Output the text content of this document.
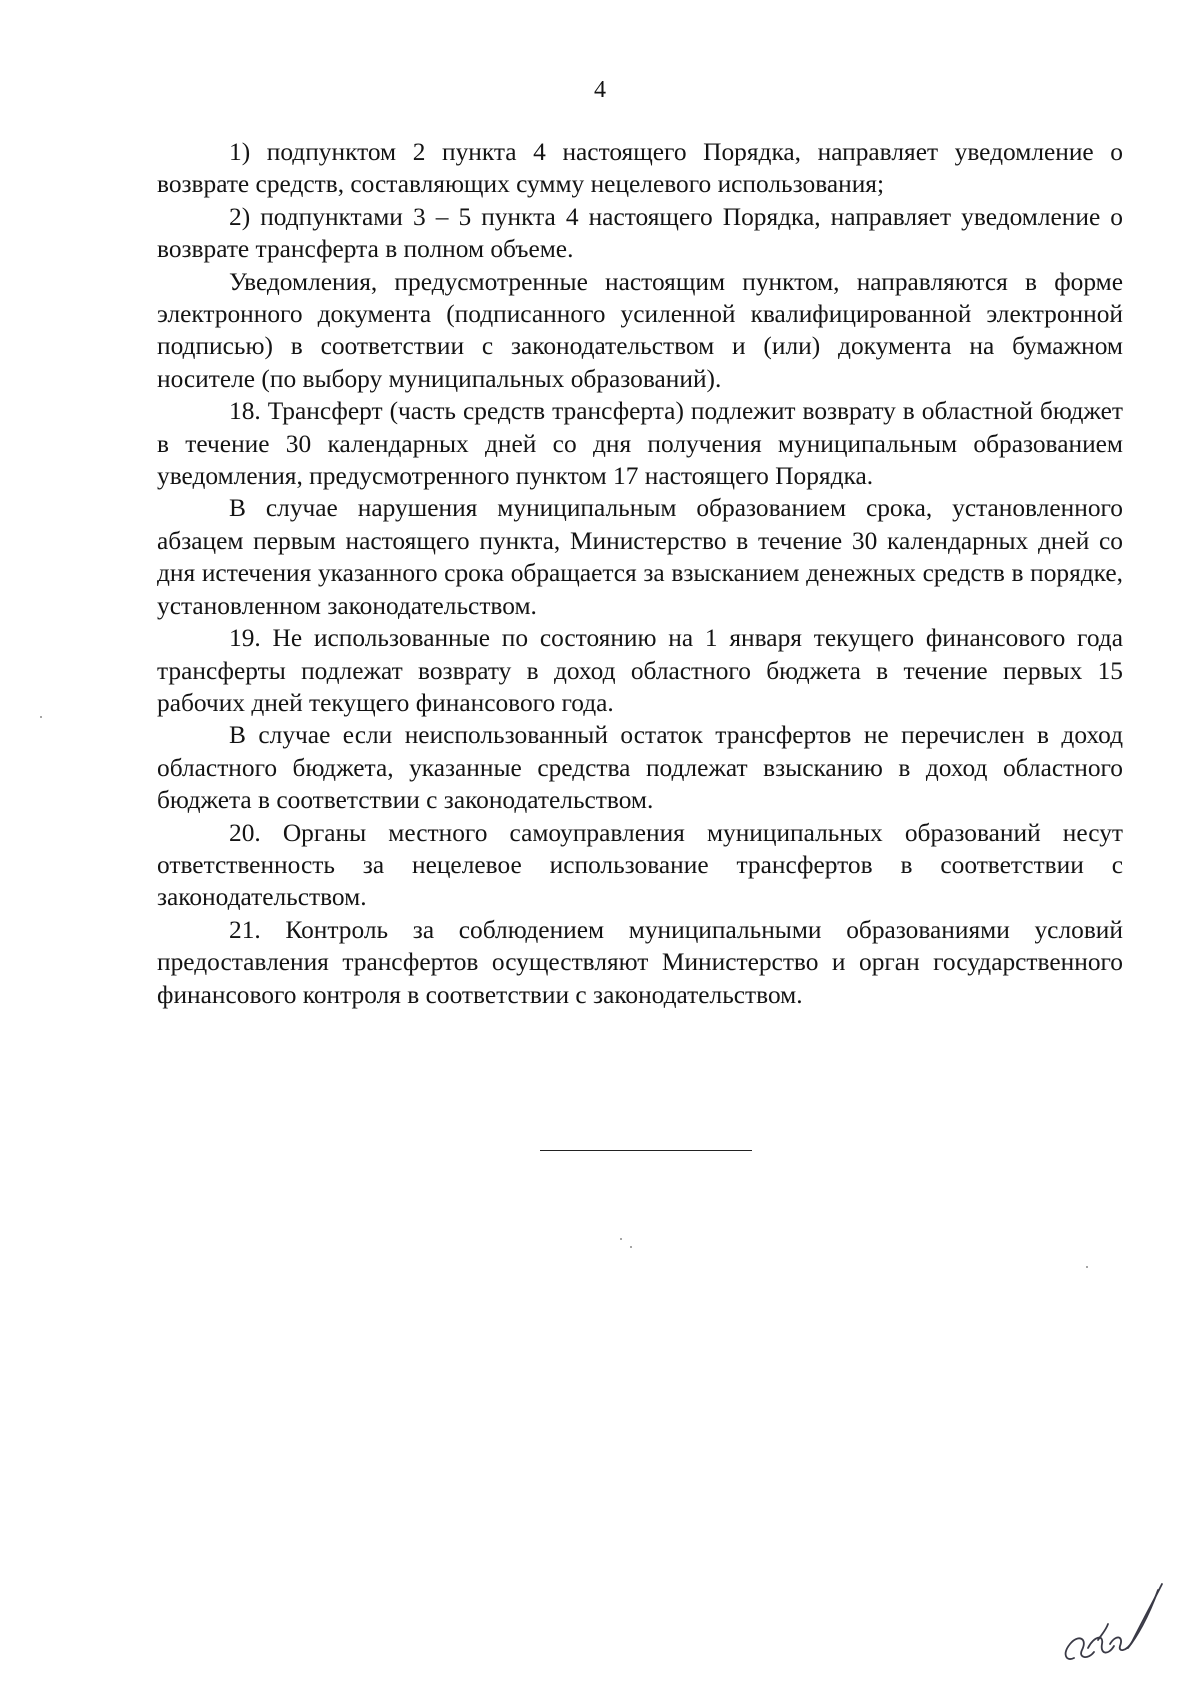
4

1) подпунктом 2 пункта 4 настоящего Порядка, направляет уведомление о возврате средств, составляющих сумму нецелевого использования;

2) подпунктами 3 – 5 пункта 4 настоящего Порядка, направляет уведомление о возврате трансферта в полном объеме.

Уведомления, предусмотренные настоящим пунктом, направляются в форме электронного документа (подписанного усиленной квалифицированной электронной подписью) в соответствии с законодательством и (или) документа на бумажном носителе (по выбору муниципальных образований).

18. Трансферт (часть средств трансферта) подлежит возврату в областной бюджет в течение 30 календарных дней со дня получения муниципальным образованием уведомления, предусмотренного пунктом 17 настоящего Порядка.

В случае нарушения муниципальным образованием срока, установленного абзацем первым настоящего пункта, Министерство в течение 30 календарных дней со дня истечения указанного срока обращается за взысканием денежных средств в порядке, установленном законодательством.

19. Не использованные по состоянию на 1 января текущего финансового года трансферты подлежат возврату в доход областного бюджета в течение первых 15 рабочих дней текущего финансового года.

В случае если неиспользованный остаток трансфертов не перечислен в доход областного бюджета, указанные средства подлежат взысканию в доход областного бюджета в соответствии с законодательством.

20. Органы местного самоуправления муниципальных образований несут ответственность за нецелевое использование трансфертов в соответствии с законодательством.

21. Контроль за соблюдением муниципальными образованиями условий предоставления трансфертов осуществляют Министерство и орган государственного финансового контроля в соответствии с законодательством.
